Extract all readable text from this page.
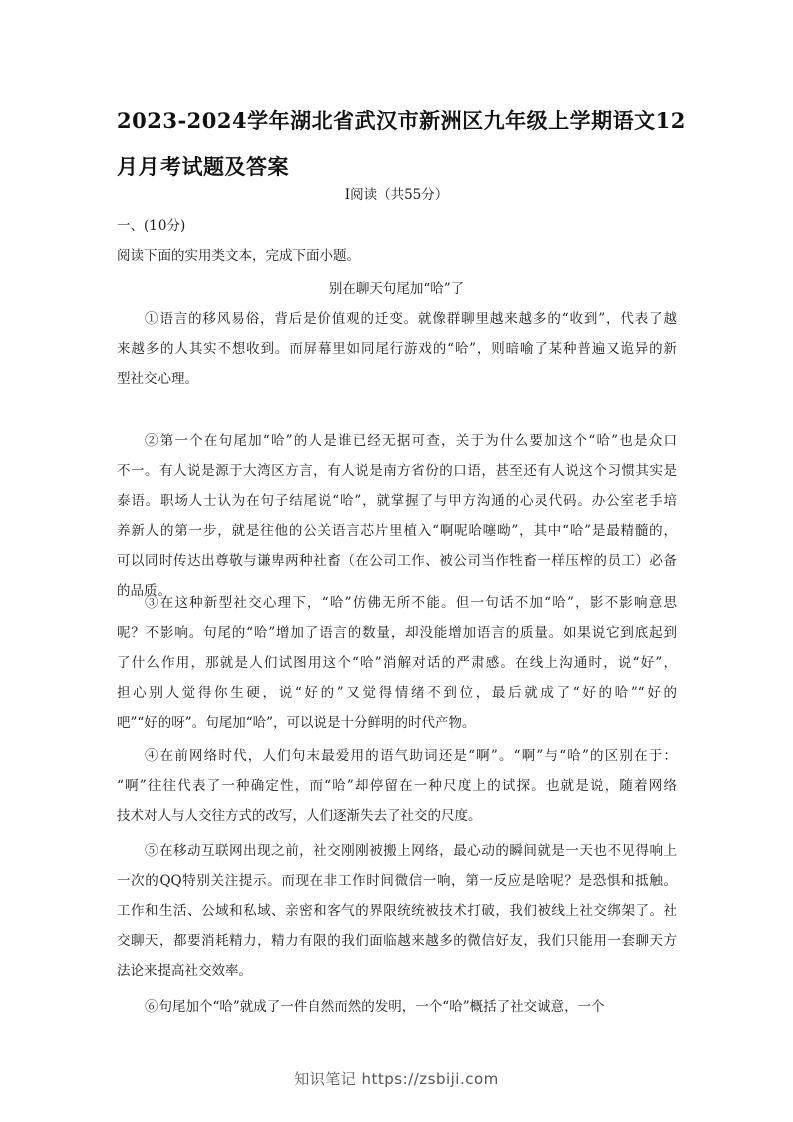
2023-2024学年湖北省武汉市新洲区九年级上学期语文12
月月考试题及答案
Ⅰ阅读（共55分）
一、(10分)
阅读下面的实用类文本，完成下面小题。
别在聊天句尾加“哈”了
①语言的移风易俗，背后是价值观的迁变。就像群聊里越来越多的“收到”，代表了越
来越多的人其实不想收到。而屏幕里如同尾行游戏的“哈”，则暗喻了某种普遍又诡异的新
型社交心理。
②第一个在句尾加“哈”的人是谁已经无据可查，关于为什么要加这个“哈”也是众口
不一。有人说是源于大湾区方言，有人说是南方省份的口语，甚至还有人说这个习惯其实是
泰语。职场人士认为在句子结尾说“哈”，就掌握了与甲方沟通的心灵代码。办公室老手培
养新人的第一步，就是往他的公关语言芯片里植入“啊呢哈噻呦”，其中“哈”是最精髓的，
可以同时传达出尊敬与谦卑两种社畜（在公司工作、被公司当作牲畜一样压榨的员工）必备
的品质。
③在这种新型社交心理下，“哈”仿佛无所不能。但一句话不加“哈”，影不影响意思
呢？不影响。句尾的“哈”增加了语言的数量，却没能增加语言的质量。如果说它到底起到
了什么作用，那就是人们试图用这个“哈”消解对话的严肃感。在线上沟通时，说“好”，
担心别人觉得你生硬，说“好的”又觉得情绪不到位，最后就成了“好的哈”“好的
吧”“好的呀”。句尾加“哈”，可以说是十分鲜明的时代产物。
④在前网络时代，人们句末最爱用的语气助词还是“啊”。“啊”与“哈”的区别在于：
“啊”往往代表了一种确定性，而“哈”却停留在一种尺度上的试探。也就是说，随着网络
技术对人与人交往方式的改写，人们逐渐失去了社交的尺度。
⑤在移动互联网出现之前，社交刚刚被搬上网络，最心动的瞬间就是一天也不见得响上
一次的QQ特别关注提示。而现在非工作时间微信一响，第一反应是啥呢？是恐惧和抵触。
工作和生活、公域和私域、亲密和客气的界限统统被技术打破，我们被线上社交绑架了。社
交聊天，都要消耗精力，精力有限的我们面临越来越多的微信好友，我们只能用一套聊天方
法论来提高社交效率。
⑥句尾加个“哈”就成了一件自然而然的发明，一个“哈”概括了社交诚意，一个
知识笔记 https://zsbiji.com
